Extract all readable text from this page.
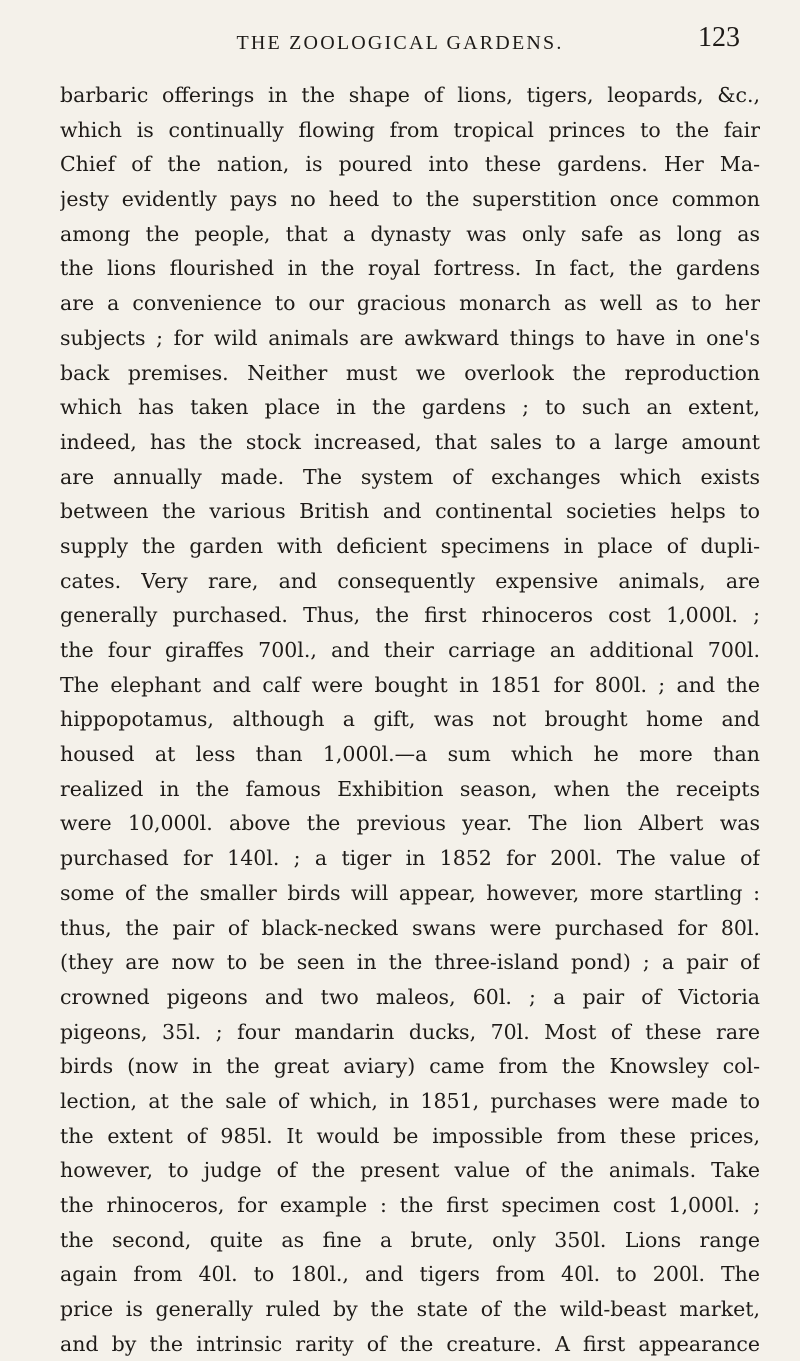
THE ZOOLOGICAL GARDENS.	123
barbaric offerings in the shape of lions, tigers, leopards, &c.,
which is continually flowing from tropical princes to the fair
Chief of the nation, is poured into these gardens. Her Ma-
jesty evidently pays no heed to the superstition once common
among the people, that a dynasty was only safe as long as
the lions flourished in the royal fortress. In fact, the gardens
are a convenience to our gracious monarch as well as to her
subjects ; for wild animals are awkward things to have in one's
back premises. Neither must we overlook the reproduction
which has taken place in the gardens ; to such an extent,
indeed, has the stock increased, that sales to a large amount
are annually made. The system of exchanges which exists
between the various British and continental societies helps to
supply the garden with deficient specimens in place of dupli-
cates. Very rare, and consequently expensive animals, are
generally purchased. Thus, the first rhinoceros cost 1,000l. ;
the four giraffes 700l., and their carriage an additional 700l.
The elephant and calf were bought in 1851 for 800l. ; and the
hippopotamus, although a gift, was not brought home and
housed at less than 1,000l.—a sum which he more than
realized in the famous Exhibition season, when the receipts
were 10,000l. above the previous year. The lion Albert was
purchased for 140l. ; a tiger in 1852 for 200l. The value of
some of the smaller birds will appear, however, more startling :
thus, the pair of black-necked swans were purchased for 80l.
(they are now to be seen in the three-island pond) ; a pair of
crowned pigeons and two maleos, 60l. ; a pair of Victoria
pigeons, 35l. ; four mandarin ducks, 70l. Most of these rare
birds (now in the great aviary) came from the Knowsley col-
lection, at the sale of which, in 1851, purchases were made to
the extent of 985l. It would be impossible from these prices,
however, to judge of the present value of the animals. Take
the rhinoceros, for example : the first specimen cost 1,000l. ;
the second, quite as fine a brute, only 350l. Lions range
again from 40l. to 180l., and tigers from 40l. to 200l. The
price is generally ruled by the state of the wild-beast market,
and by the intrinsic rarity of the creature. A first appearance
